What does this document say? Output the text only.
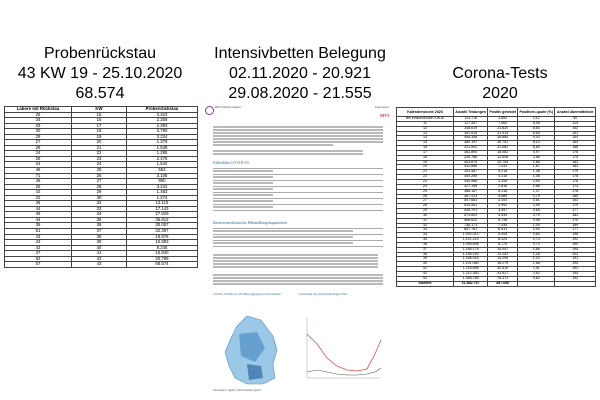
Probenrückstau
43 KW 19 - 25.10.2020
68.574
Intensivbetten Belegung
02.11.2020 - 20.921
29.08.2020 - 21.555
Corona-Tests
2020
Labore mit Rückstau	KW	Probenrückstau
25	15	3.423
34	16	2.258
29	17	2.393
30	18	3.790
29	19	3.224
27	20	1.379
28	21	1.539
24	22	1.295
28	23	2.478
24	24	1.642
46	25	553
71	26	3.106
46	27	960
25	28	3.242
42	29	1.483
22	30	1.274
36	32	13.115
44	33	17.143
49	34	27.929
44	35	36.812
36	36	30.057
51	37	32.397
43	38	18.876
43	39	15.983
42	40	8.245
47	41	16.840
52	42	20.799
57	43	68.574
DIVI Intensivregister	Tagesreport
DIVI
Fallzahlen COVID-19
Intensivmedizinische Behandlungskapazitäten
COVID-19-Fälle pro ITS Bett aggregiert auf Kreisebene	Zeitverlauf der intensivpflichtigen Fälle
Datenstand / Quelle: DIVI-Intensivregister
Kalenderwoche 2020	Anzahl Testungen	Positiv getestet	Positiven-quote (%)	Anzahl übermittelnde
Bis einschließlich KW10	124.716	3.892	3,12	90
11	127.457	7.582	5,95	114
12	348.619	23.820	6,83	152
13	361.515	31.414	8,69	151
14	408.348	36.885	9,03	154
15	380.197	30.791	8,10	164
16	331.902	22.082	6,65	168
17	363.890	18.083	4,97	178
18	326.788	12.608	3,86	175
19	403.875	10.755	2,66	182
20	432.666	7.233	1,67	183
21	353.467	5.218	1,48	179
22	405.269	4.310	1,06	178
23	340.986	3.208	0,94	176
24	327.196	2.816	0,86	173
25	388.187	5.316	1,37	176
26	467.413	5.689	0,79	180
27	507.663	3.104	0,61	152
28	510.551	2.992	0,59	179
29	538.701	3.497	0,65	177
30	573.803	4.539	0,79	183
31	586.620	5.738	0,98	170
32	736.171	7.335	1,00	169
33	857.761	8.931	0,90	177
34	1.092.013	9.205	0,84	198
35	1.121.214	8.324	0,74	192
36	1.099.608	8.175	0,74	190
37	1.165.175	10.047	0,86	195
38	1.146.193	13.253	1,16	202
39	1.168.016	14.295	1,22	191
40	1.101.080	18.279	1,66	190
41	1.216.658	30.519	2,51	192
42	1.212.363	43.927	3,62	194
43	1.356.785	76.373	5,62	192
Summe	21.882.767	497.656		
